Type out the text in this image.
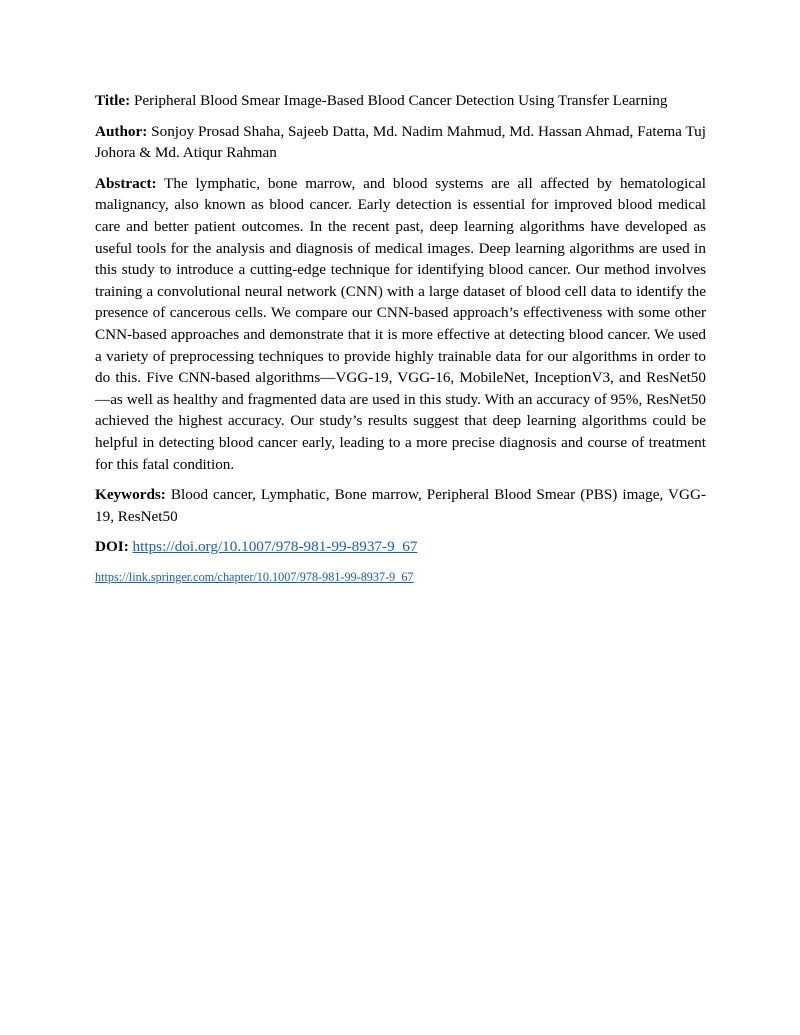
Title: Peripheral Blood Smear Image-Based Blood Cancer Detection Using Transfer Learning

Author: Sonjoy Prosad Shaha, Sajeeb Datta, Md. Nadim Mahmud, Md. Hassan Ahmad, Fatema Tuj Johora & Md. Atiqur Rahman

Abstract: The lymphatic, bone marrow, and blood systems are all affected by hematological malignancy, also known as blood cancer. Early detection is essential for improved blood medical care and better patient outcomes. In the recent past, deep learning algorithms have developed as useful tools for the analysis and diagnosis of medical images. Deep learning algorithms are used in this study to introduce a cutting-edge technique for identifying blood cancer. Our method involves training a convolutional neural network (CNN) with a large dataset of blood cell data to identify the presence of cancerous cells. We compare our CNN-based approach’s effectiveness with some other CNN-based approaches and demonstrate that it is more effective at detecting blood cancer. We used a variety of preprocessing techniques to provide highly trainable data for our algorithms in order to do this. Five CNN-based algorithms—VGG-19, VGG-16, MobileNet, InceptionV3, and ResNet50—as well as healthy and fragmented data are used in this study. With an accuracy of 95%, ResNet50 achieved the highest accuracy. Our study’s results suggest that deep learning algorithms could be helpful in detecting blood cancer early, leading to a more precise diagnosis and course of treatment for this fatal condition.

Keywords: Blood cancer, Lymphatic, Bone marrow, Peripheral Blood Smear (PBS) image, VGG-19, ResNet50

DOI: https://doi.org/10.1007/978-981-99-8937-9_67

https://link.springer.com/chapter/10.1007/978-981-99-8937-9_67
